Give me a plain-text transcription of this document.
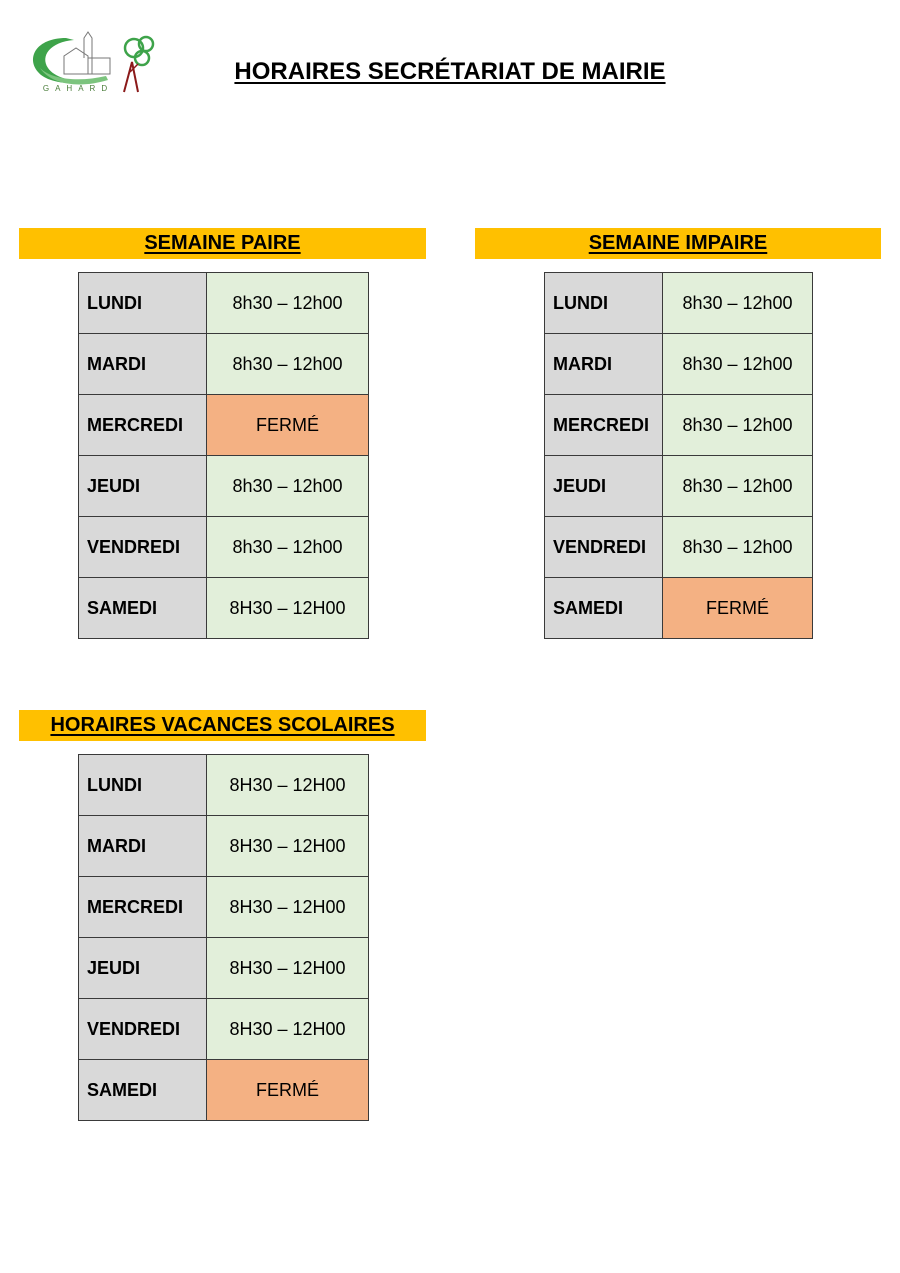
GAHARD
HORAIRES SECRÉTARIAT DE MAIRIE
SEMAINE PAIRE
LUNDI	8h30 – 12h00
MARDI	8h30 – 12h00
MERCREDI	FERMÉ
JEUDI	8h30 – 12h00
VENDREDI	8h30 – 12h00
SAMEDI	8H30 – 12H00
SEMAINE IMPAIRE
LUNDI	8h30 – 12h00
MARDI	8h30 – 12h00
MERCREDI	8h30 – 12h00
JEUDI	8h30 – 12h00
VENDREDI	8h30 – 12h00
SAMEDI	FERMÉ
HORAIRES VACANCES SCOLAIRES
LUNDI	8H30 – 12H00
MARDI	8H30 – 12H00
MERCREDI	8H30 – 12H00
JEUDI	8H30 – 12H00
VENDREDI	8H30 – 12H00
SAMEDI	FERMÉ
